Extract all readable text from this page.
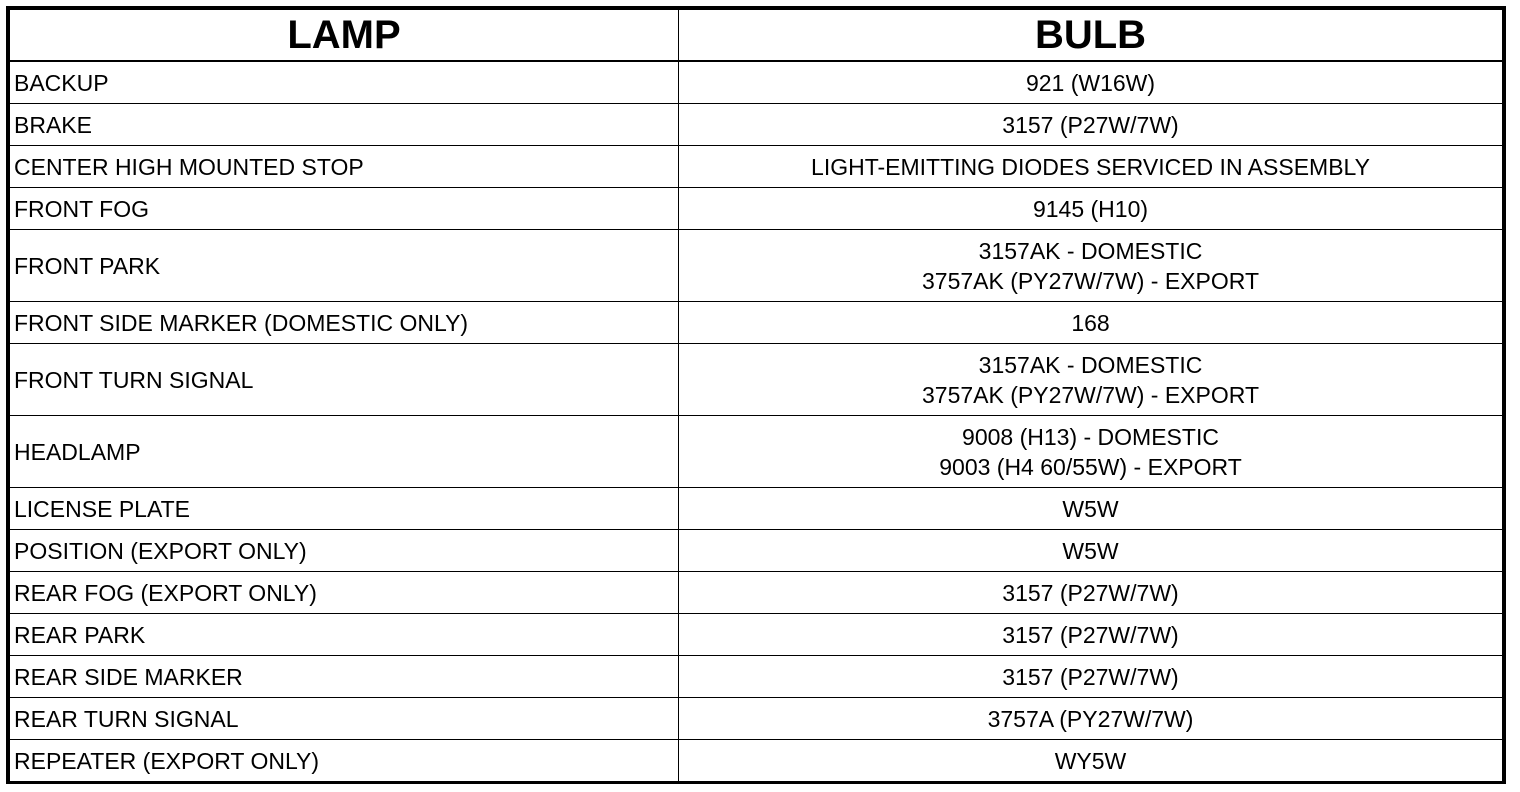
LAMP	BULB
BACKUP	921 (W16W)

BRAKE	3157 (P27W/7W)

CENTER HIGH MOUNTED STOP	LIGHT-EMITTING DIODES SERVICED IN ASSEMBLY

FRONT FOG	9145 (H10)

FRONT PARK	3157AK - DOMESTIC
3757AK (PY27W/7W) - EXPORT

FRONT SIDE MARKER (DOMESTIC ONLY)	168

FRONT TURN SIGNAL	3157AK - DOMESTIC
3757AK (PY27W/7W) - EXPORT

HEADLAMP	9008 (H13) - DOMESTIC
9003 (H4 60/55W) - EXPORT

LICENSE PLATE	W5W

POSITION (EXPORT ONLY)	W5W

REAR FOG (EXPORT ONLY)	3157 (P27W/7W)

REAR PARK	3157 (P27W/7W)

REAR SIDE MARKER	3157 (P27W/7W)

REAR TURN SIGNAL	3757A (PY27W/7W)

REPEATER (EXPORT ONLY)	WY5W
